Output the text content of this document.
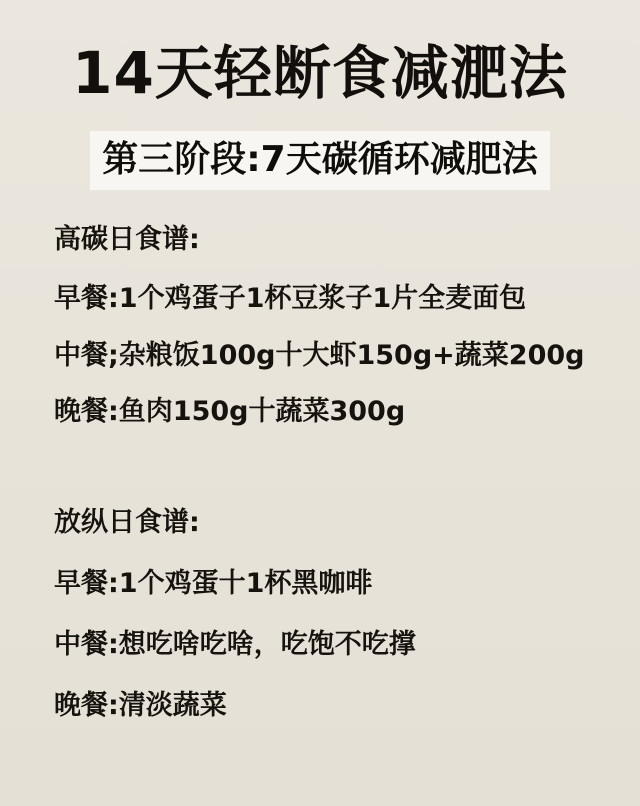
14天轻断食减淝法
第三阶段:7天碳循环减肥法

高碳日食谱:

早餐:1个鸡蛋子1杯豆浆子1片全麦面包

中餐;杂粮饭100g十大虾150g+蔬菜200g

晚餐:鱼肉150g十蔬菜300g

放纵日食谱:

早餐:1个鸡蛋十1杯黑咖啡

中餐:想吃啥吃啥，吃饱不吃撑

晚餐:清淡蔬菜
